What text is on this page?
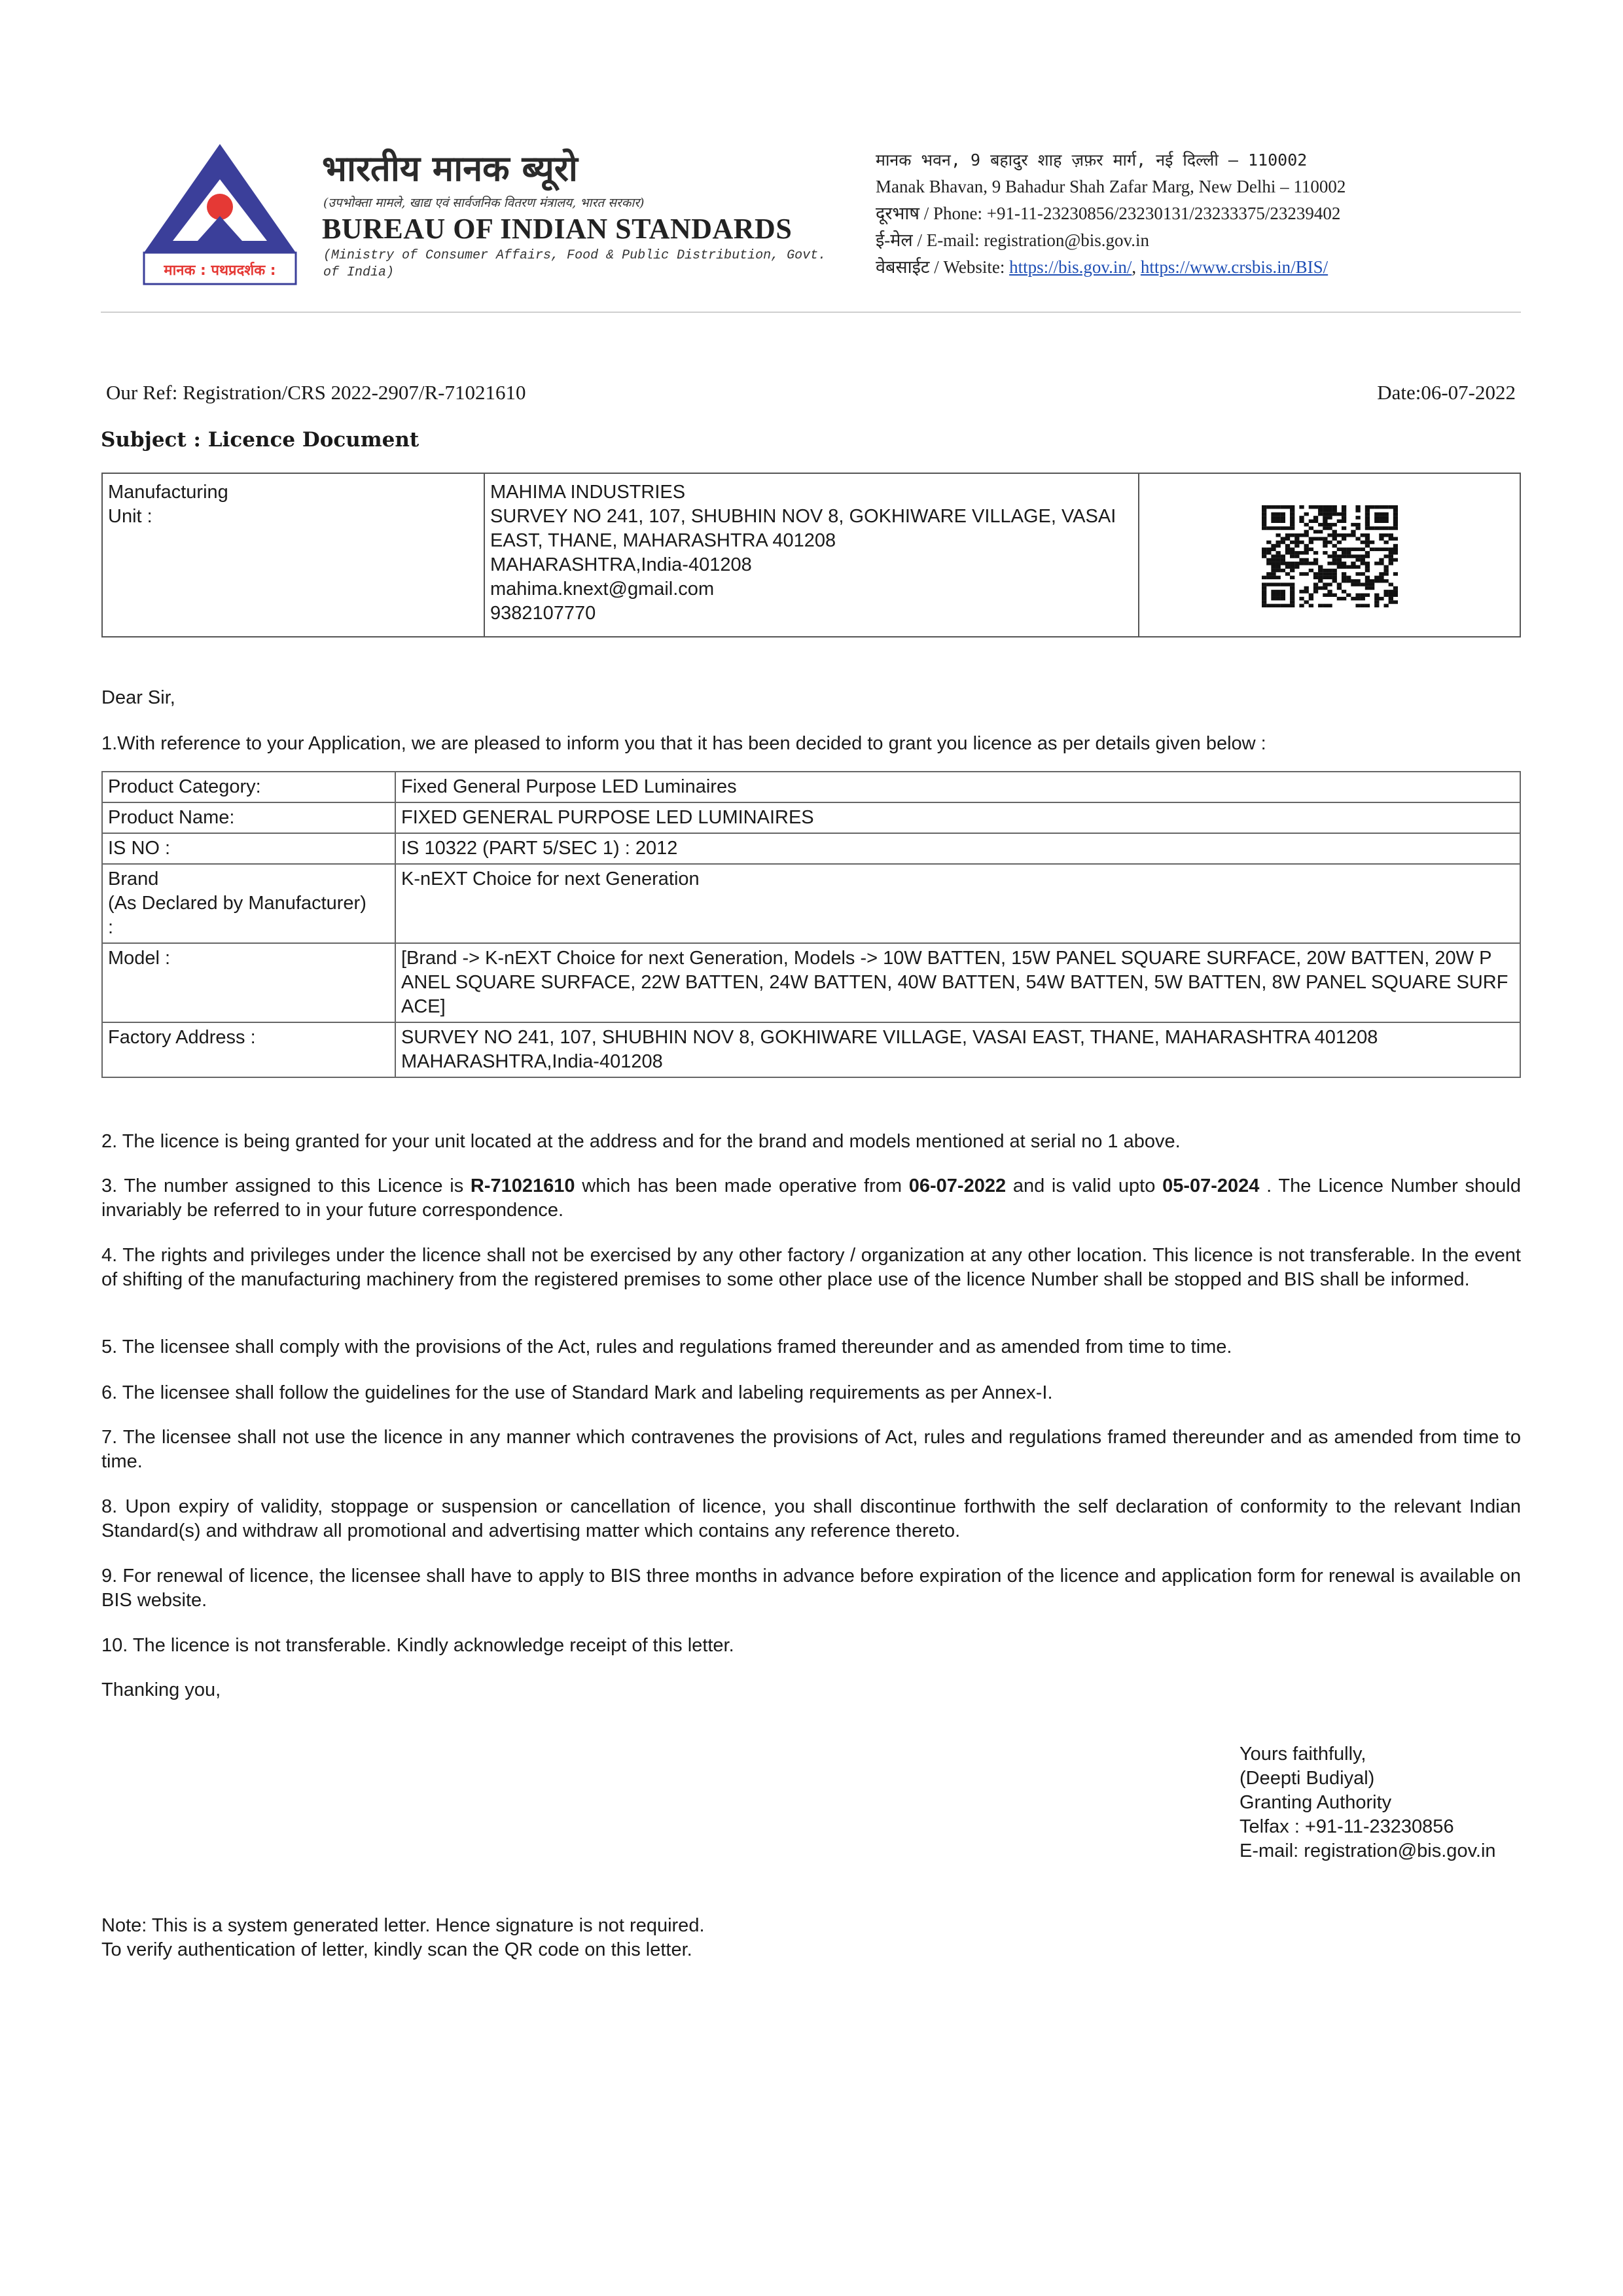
मानक : पथप्रदर्शक :
भारतीय मानक ब्यूरो
(उपभोक्ता मामले, खाद्य एवं सार्वजनिक वितरण मंत्रालय, भारत सरकार)
BUREAU OF INDIAN STANDARDS
(Ministry of Consumer Affairs, Food & Public Distribution, Govt. of India)
मानक भवन, 9 बहादुर शाह ज़फ़र मार्ग, नई दिल्ली – 110002
Manak Bhavan, 9 Bahadur Shah Zafar Marg, New Delhi – 110002
दूरभाष / Phone: +91-11-23230856/23230131/23233375/23239402
ई-मेल / E-mail: registration@bis.gov.in
वेबसाईट / Website: https://bis.gov.in/, https://www.crsbis.in/BIS/
Our Ref: Registration/CRS 2022-2907/R-71021610	Date:06-07-2022
Subject : Licence Document
Manufacturing
Unit :
MAHIMA INDUSTRIES
SURVEY NO 241, 107, SHUBHIN NOV 8, GOKHIWARE VILLAGE, VASAI
EAST, THANE, MAHARASHTRA 401208
MAHARASHTRA,India-401208
mahima.knext@gmail.com
9382107770
Dear Sir,
1.With reference to your Application, we are pleased to inform you that it has been decided to grant you licence as per details given below :
Product Category:	Fixed General Purpose LED Luminaires
Product Name:	FIXED GENERAL PURPOSE LED LUMINAIRES
IS NO :	IS 10322 (PART 5/SEC 1) : 2012

Brand
(As Declared by Manufacturer)
:	K-nEXT Choice for next Generation
Model :	[Brand -> K-nEXT Choice for next Generation, Models -> 10W BATTEN, 15W PANEL SQUARE SURFACE, 20W BATTEN, 20W P
ANEL SQUARE SURFACE, 22W BATTEN, 24W BATTEN, 40W BATTEN, 54W BATTEN, 5W BATTEN, 8W PANEL SQUARE SURF
ACE]

Factory Address :	SURVEY NO 241, 107, SHUBHIN NOV 8, GOKHIWARE VILLAGE, VASAI EAST, THANE, MAHARASHTRA 401208
MAHARASHTRA,India-401208
2. The licence is being granted for your unit located at the address and for the brand and models mentioned at serial no 1 above.
3. The number assigned to this Licence is R-71021610 which has been made operative from 06-07-2022 and is valid upto 05-07-2024 . The Licence Number should invariably be referred to in your future correspondence.
4. The rights and privileges under the licence shall not be exercised by any other factory / organization at any other location. This licence is not transferable. In the event of shifting of the manufacturing machinery from the registered premises to some other place use of the licence Number shall be stopped and BIS shall be informed.
5. The licensee shall comply with the provisions of the Act, rules and regulations framed thereunder and as amended from time to time.
6. The licensee shall follow the guidelines for the use of Standard Mark and labeling requirements as per Annex-I.
7. The licensee shall not use the licence in any manner which contravenes the provisions of Act, rules and regulations framed thereunder and as amended from time to time.
8. Upon expiry of validity, stoppage or suspension or cancellation of licence, you shall discontinue forthwith the self declaration of conformity to the relevant Indian Standard(s) and withdraw all promotional and advertising matter which contains any reference thereto.
9. For renewal of licence, the licensee shall have to apply to BIS three months in advance before expiration of the licence and application form for renewal is available on BIS website.
10. The licence is not transferable. Kindly acknowledge receipt of this letter.
Thanking you,
Yours faithfully,
(Deepti Budiyal)
Granting Authority
Telfax : +91-11-23230856
E-mail: registration@bis.gov.in
Note: This is a system generated letter. Hence signature is not required.
To verify authentication of letter, kindly scan the QR code on this letter.
